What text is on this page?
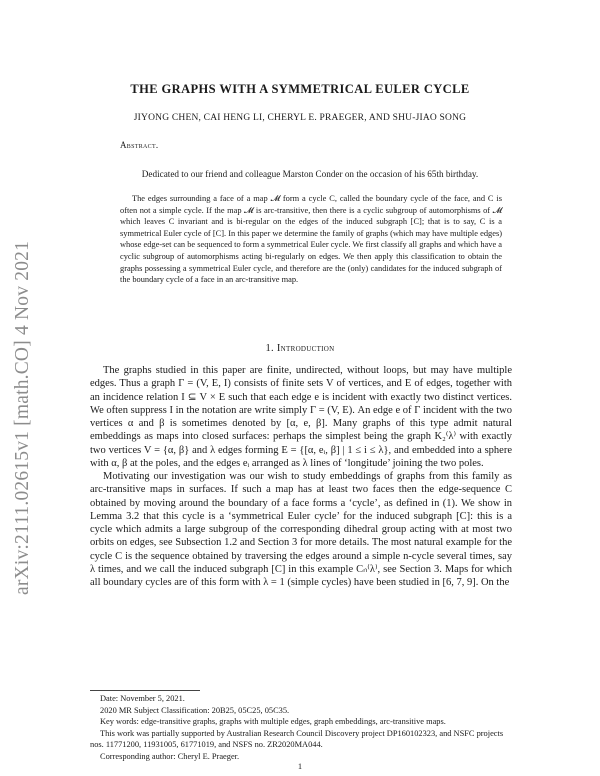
arXiv:2111.02615v1 [math.CO] 4 Nov 2021
THE GRAPHS WITH A SYMMETRICAL EULER CYCLE
JIYONG CHEN, CAI HENG LI, CHERYL E. PRAEGER, AND SHU-JIAO SONG
Abstract.
Dedicated to our friend and colleague Marston Conder on the occasion of his 65th birthday.
The edges surrounding a face of a map 𝓜 form a cycle C, called the boundary cycle of the face, and C is often not a simple cycle. If the map 𝓜 is arc-transitive, then there is a cyclic subgroup of automorphisms of 𝓜 which leaves C invariant and is bi-regular on the edges of the induced subgraph [C]; that is to say, C is a symmetrical Euler cycle of [C]. In this paper we determine the family of graphs (which may have multiple edges) whose edge-set can be sequenced to form a symmetrical Euler cycle. We first classify all graphs and which have a cyclic subgroup of automorphisms acting bi-regularly on edges. We then apply this classification to obtain the graphs possessing a symmetrical Euler cycle, and therefore are the (only) candidates for the induced subgraph of the boundary cycle of a face in an arc-transitive map.
1. Introduction

The graphs studied in this paper are finite, undirected, without loops, but may have multiple edges. Thus a graph Γ = (V, E, I) consists of finite sets V of vertices, and E of edges, together with an incidence relation I ⊆ V × E such that each edge e is incident with exactly two distinct vertices. We often suppress I in the notation are write simply Γ = (V, E). An edge e of Γ incident with the two vertices α and β is sometimes denoted by [α, e, β]. Many graphs of this type admit natural embeddings as maps into closed surfaces: perhaps the simplest being the graph K₂⁽λ⁾ with exactly two vertices V = {α, β} and λ edges forming E = {[α, eᵢ, β] | 1 ≤ i ≤ λ}, and embedded into a sphere with α, β at the poles, and the edges eᵢ arranged as λ lines of ‘longitude’ joining the two poles.

Motivating our investigation was our wish to study embeddings of graphs from this family as arc-transitive maps in surfaces. If such a map has at least two faces then the edge-sequence C obtained by moving around the boundary of a face forms a ‘cycle’, as defined in (1). We show in Lemma 3.2 that this cycle is a ‘symmetrical Euler cycle’ for the induced subgraph [C]: this is a cycle which admits a large subgroup of the corresponding dihedral group acting with at most two orbits on edges, see Subsection 1.2 and Section 3 for more details. The most natural example for the cycle C is the sequence obtained by traversing the edges around a simple n-cycle several times, say λ times, and we call the induced subgraph [C] in this example Cₙ⁽λ⁾, see Section 3. Maps for which all boundary cycles are of this form with λ = 1 (simple cycles) have been studied in [6, 7, 9]. On the

Date: November 5, 2021.
2020 MR Subject Classification: 20B25, 05C25, 05C35.
Key words: edge-transitive graphs, graphs with multiple edges, graph embeddings, arc-transitive maps.
This work was partially supported by Australian Research Council Discovery project DP160102323, and NSFC projects nos. 11771200, 11931005, 61771019, and NSFS no. ZR2020MA044.
Corresponding author: Cheryl E. Praeger.
1
